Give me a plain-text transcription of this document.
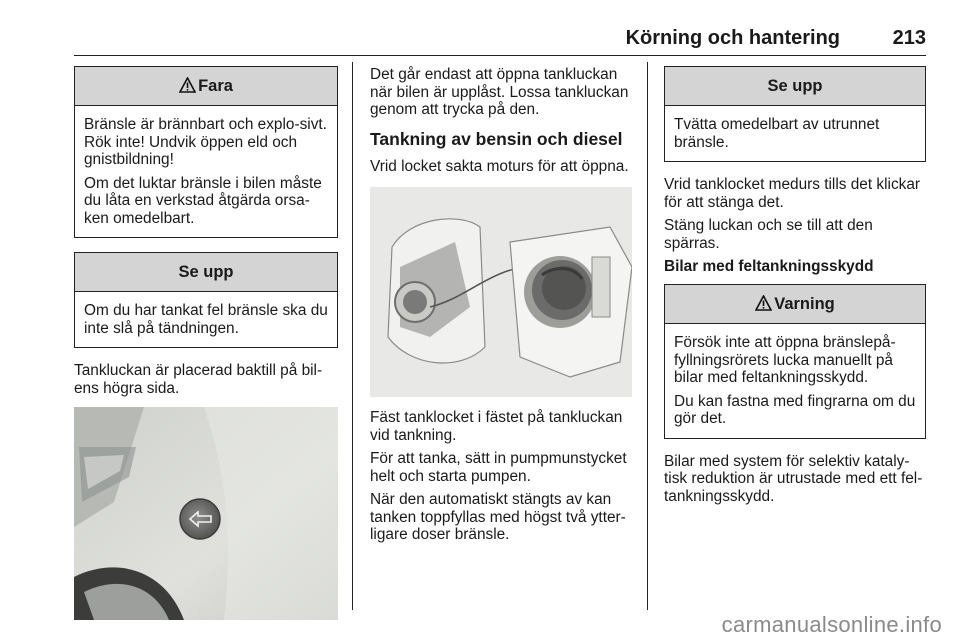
Körning och hantering	213
Fara

Bränsle är brännbart och explo-sivt. Rök inte! Undvik öppen eld och gnistbildning!

Om det luktar bränsle i bilen måste du låta en verkstad åtgärda orsa-ken omedelbart.

Se upp

Om du har tankat fel bränsle ska du inte slå på tändningen.

Tankluckan är placerad baktill på bil-ens högra sida.

Det går endast att öppna tankluckan när bilen är upplåst. Lossa tankluckan genom att trycka på den.

Tankning av bensin och diesel

Vrid locket sakta moturs för att öppna.

Fäst tanklocket i fästet på tankluckan vid tankning.

För att tanka, sätt in pumpmunstycket helt och starta pumpen.

När den automatiskt stängts av kan tanken toppfyllas med högst två ytter-ligare doser bränsle.

Se upp

Tvätta omedelbart av utrunnet bränsle.

Vrid tanklocket medurs tills det klickar för att stänga det.

Stäng luckan och se till att den spärras.

Bilar med feltankningsskydd
Varning

Försök inte att öppna bränslepå-fyllningsrörets lucka manuellt på bilar med feltankningsskydd.

Du kan fastna med fingrarna om du gör det.

Bilar med system för selektiv kataly-tisk reduktion är utrustade med ett fel-tankningsskydd.

carmanualsonline.info
